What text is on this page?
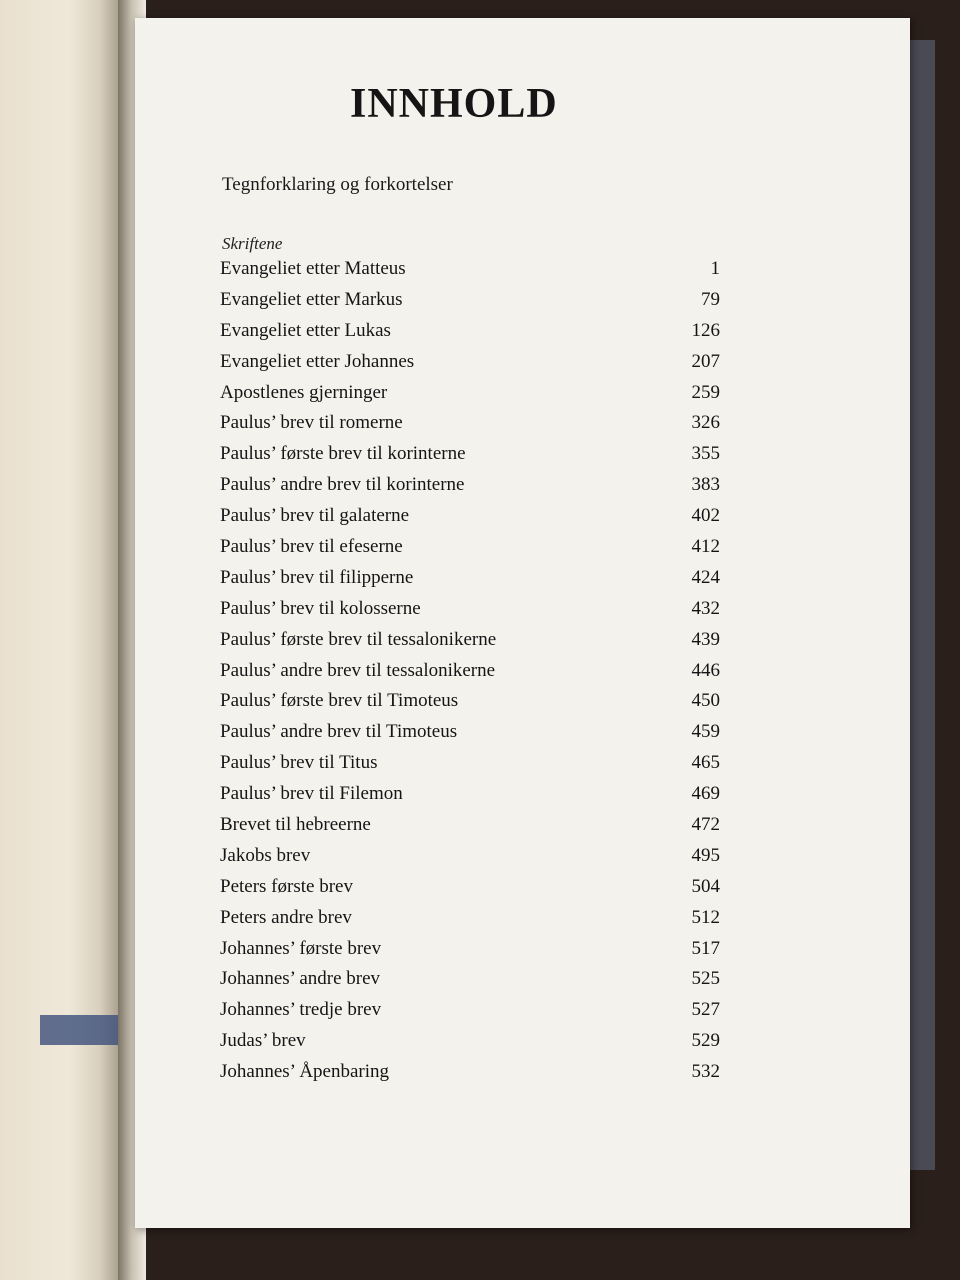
INNHOLD
Tegnforklaring og forkortelser
Skriftene
Evangeliet etter Matteus	1
Evangeliet etter Markus	79
Evangeliet etter Lukas	126
Evangeliet etter Johannes	207
Apostlenes gjerninger	259
Paulus’ brev til romerne	326
Paulus’ første brev til korinterne	355
Paulus’ andre brev til korinterne	383
Paulus’ brev til galaterne	402
Paulus’ brev til efeserne	412
Paulus’ brev til filipperne	424
Paulus’ brev til kolosserne	432
Paulus’ første brev til tessalonikerne	439
Paulus’ andre brev til tessalonikerne	446
Paulus’ første brev til Timoteus	450
Paulus’ andre brev til Timoteus	459
Paulus’ brev til Titus	465
Paulus’ brev til Filemon	469
Brevet til hebreerne	472
Jakobs brev	495
Peters første brev	504
Peters andre brev	512
Johannes’ første brev	517
Johannes’ andre brev	525
Johannes’ tredje brev	527
Judas’ brev	529
Johannes’ Åpenbaring	532
